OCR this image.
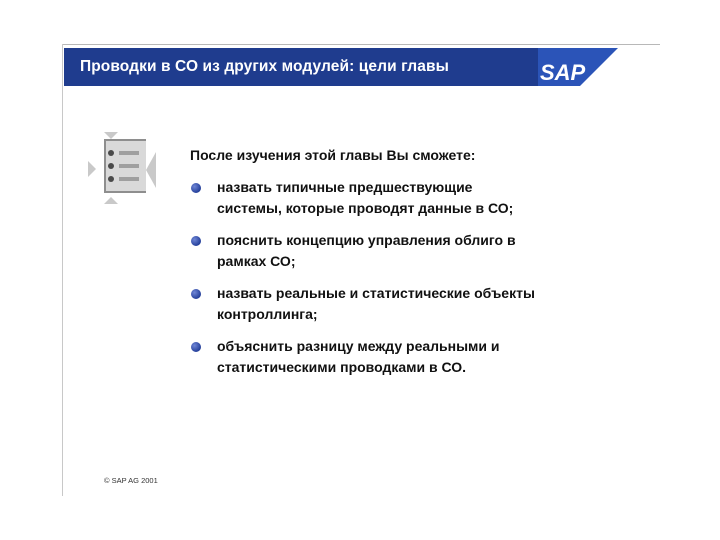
Проводки в СО из других модулей: цели главы	SAP
После изучения этой главы Вы сможете:
назвать типичные предшествующие
системы, которые проводят данные в СО;
пояснить концепцию управления облиго в
рамках СО;
назвать реальные и статистические объекты
контроллинга;
объяснить разницу между реальными и
статистическими проводками в СО.
© SAP AG 2001
